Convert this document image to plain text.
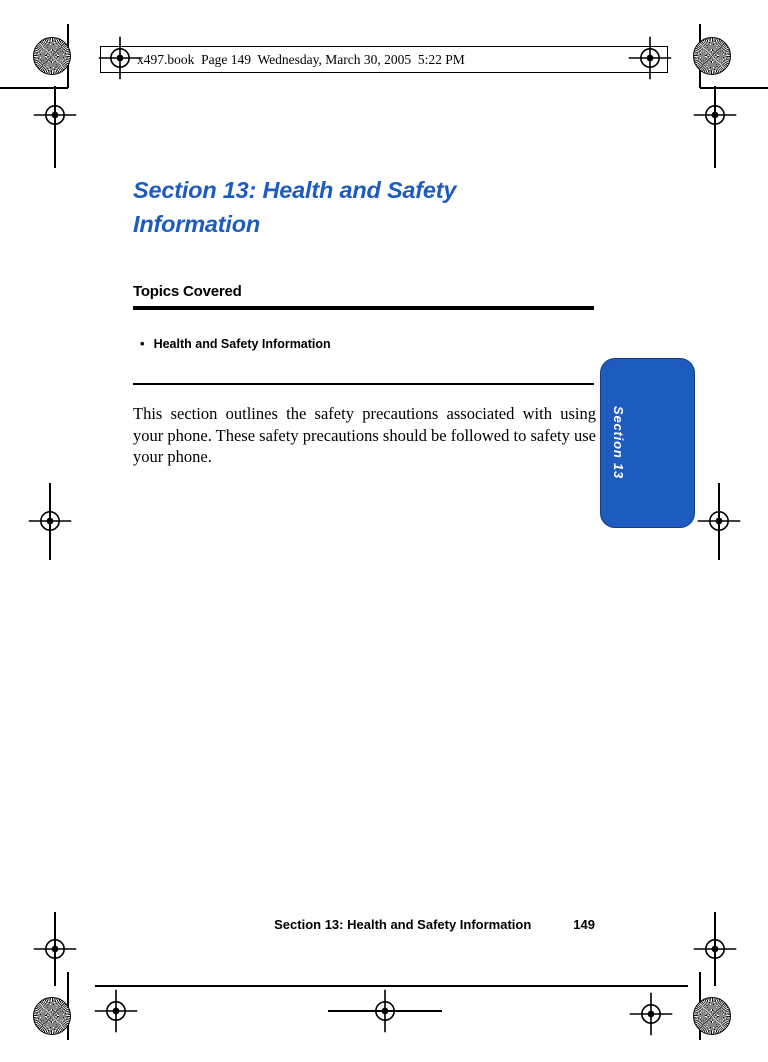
x497.book  Page 149  Wednesday, March 30, 2005  5:22 PM
Section 13: Health and Safety
Information
Topics Covered
• Health and Safety Information

This section outlines the safety precautions associated with using your phone. These safety precautions should be followed to safety use your phone.	Section 13
Section 13: Health and Safety Information	149
